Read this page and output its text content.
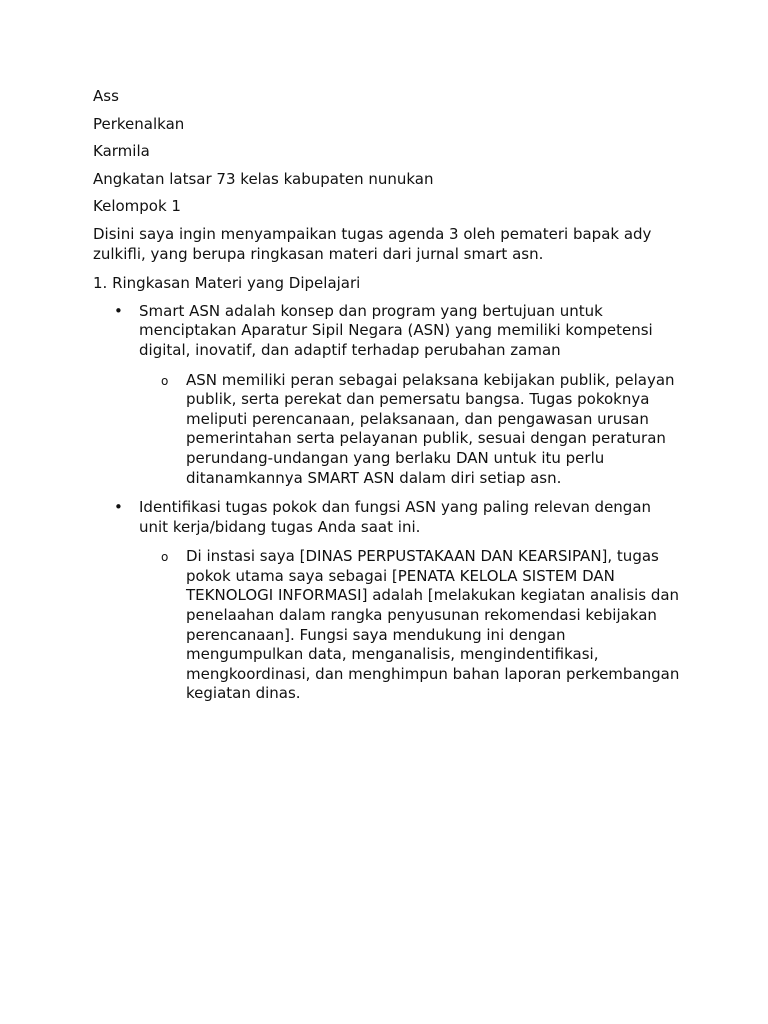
Ass

Perkenalkan

Karmila

Angkatan latsar 73 kelas kabupaten nunukan

Kelompok 1

Disini saya ingin menyampaikan tugas agenda 3 oleh pemateri bapak ady zulkifli, yang berupa ringkasan materi dari jurnal smart asn.

1. Ringkasan Materi yang Dipelajari

• Smart ASN adalah konsep dan program yang bertujuan untuk menciptakan Aparatur Sipil Negara (ASN) yang memiliki kompetensi digital, inovatif, dan adaptif terhadap perubahan zaman
o ASN memiliki peran sebagai pelaksana kebijakan publik, pelayan publik, serta perekat dan pemersatu bangsa. Tugas pokoknya meliputi perencanaan, pelaksanaan, dan pengawasan urusan pemerintahan serta pelayanan publik, sesuai dengan peraturan perundang-undangan yang berlaku DAN untuk itu perlu ditanamkannya SMART ASN dalam diri setiap asn.
• Identifikasi tugas pokok dan fungsi ASN yang paling relevan dengan unit kerja/bidang tugas Anda saat ini.
o Di instasi saya [DINAS PERPUSTAKAAN DAN KEARSIPAN], tugas pokok utama saya sebagai [PENATA KELOLA SISTEM DAN TEKNOLOGI INFORMASI] adalah [melakukan kegiatan analisis dan penelaahan dalam rangka penyusunan rekomendasi kebijakan perencanaan]. Fungsi saya mendukung ini dengan mengumpulkan data, menganalisis, mengindentifikasi, mengkoordinasi, dan menghimpun bahan laporan perkembangan kegiatan dinas.
